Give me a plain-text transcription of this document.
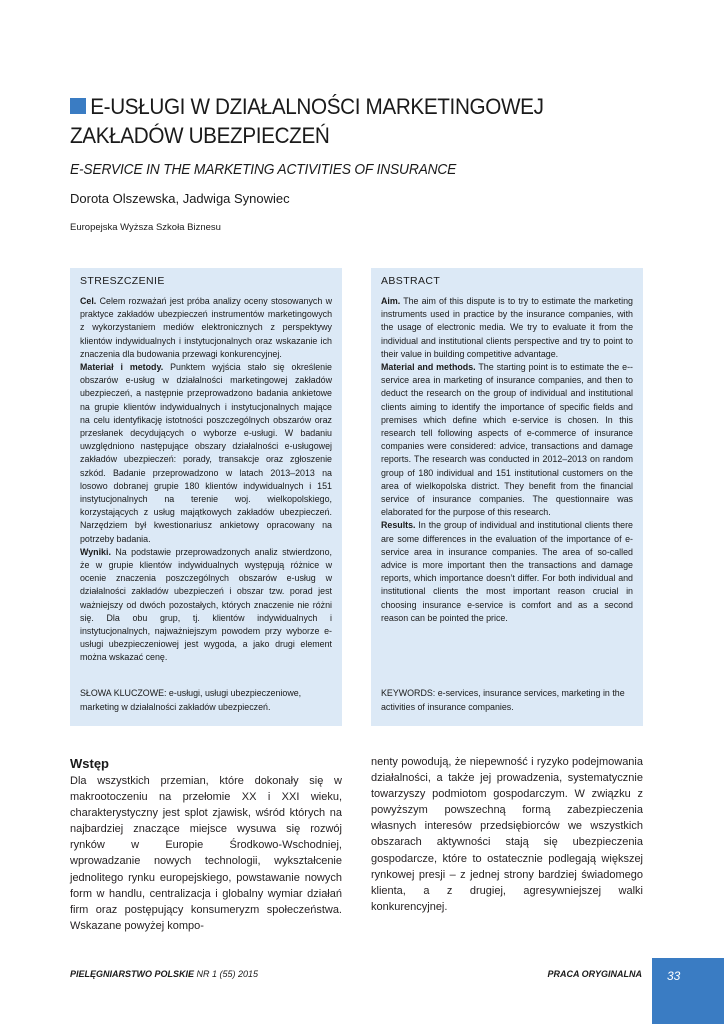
E-USŁUGI W DZIAŁALNOŚCI MARKETINGOWEJ
ZAKŁADÓW UBEZPIECZEŃ
E-SERVICE IN THE MARKETING ACTIVITIES OF INSURANCE
Dorota Olszewska, Jadwiga Synowiec
Europejska Wyższa Szkoła Biznesu
STRESZCZENIE

Cel. Celem rozważań jest próba analizy oceny stosowanych w praktyce zakładów ubezpieczeń instrumentów marketingowych z wykorzystaniem mediów elektronicznych z perspektywy klientów indywidualnych i instytucjonalnych oraz wskazanie ich znaczenia dla budowania przewagi konkurencyjnej.

Materiał i metody. Punktem wyjścia stało się określenie obszarów e-usług w działalności marketingowej zakładów ubezpieczeń, a następnie przeprowadzono badania ankietowe na grupie klientów indywidualnych i instytucjonalnych mające na celu identyfikację istotności poszczególnych obszarów oraz przesłanek decydujących o wyborze e-usługi. W badaniu uwzględniono następujące obszary działalności e-usługowej zakładów ubezpieczeń: porady, transakcje oraz zgłoszenie szkód. Badanie przeprowadzono w latach 2013–2013 na losowo dobranej grupie 180 klientów indywidualnych i 151 instytucjonalnych na terenie woj. wielkopolskiego, korzystających z usług majątkowych zakładów ubezpieczeń. Narzędziem był kwestionariusz ankietowy opracowany na potrzeby badania.

Wyniki. Na podstawie przeprowadzonych analiz stwierdzono, że w grupie klientów indywidualnych występują różnice w ocenie znaczenia poszczególnych obszarów e-usług w działalności zakładów ubezpieczeń i obszar tzw. porad jest ważniejszy od dwóch pozostałych, których znaczenie nie różni się. Dla obu grup, tj. klientów indywidualnych i instytucjonalnych, najważniejszym powodem przy wyborze e-usługi ubezpieczeniowej jest wygoda, a jako drugi element można wskazać cenę.

SŁOWA KLUCZOWE: e-usługi, usługi ubezpieczeniowe, marketing w działalności zakładów ubezpieczeń.
ABSTRACT

Aim. The aim of this dispute is to try to estimate the marketing instruments used in practice by the insurance companies, with the usage of electronic media. We try to evaluate it from the individual and institutional clients perspective and try to point to their value in building competitive advantage.

Material and methods. The starting point is to estimate the e--service area in marketing of insurance companies, and then to deduct the research on the group of individual and institutional clients aiming to identify the importance of specific fields and premises which define which e-service is chosen. In this research tell following aspects of e-commerce of insurance companies were considered: advice, transactions and damage reports. The research was conducted in 2012–2013 on random group of 180 individual and 151 institutional customers on the area of wielkopolska district. They benefit from the financial service of insurance companies. The questionnaire was elaborated for the purpose of this research.

Results. In the group of individual and institutional clients there are some differences in the evaluation of the importance of e-service area in insurance companies. The area of so-called advice is more important then the transactions and damage reports, which importance doesn’t differ. For both individual and institutional clients the most important reason crucial in choosing insurance e-service is comfort and as a second reason can be pointed the price.

KEYWORDS: e-services, insurance services, marketing in the activities of insurance companies.
Wstęp

Dla wszystkich przemian, które dokonały się w makrootoczeniu na przełomie XX i XXI wieku, charakterystyczny jest splot zjawisk, wśród których na najbardziej znaczące miejsce wysuwa się rozwój rynków w Europie Środkowo-Wschodniej, wprowadzanie nowych technologii, wykształcenie jednolitego rynku europejskiego, powstawanie nowych form w handlu, centralizacja i globalny wymiar działań firm oraz postępujący konsumeryzm społeczeństwa. Wskazane powyżej kompo-

nenty powodują, że niepewność i ryzyko podejmowania działalności, a także jej prowadzenia, systematycznie towarzyszy podmiotom gospodarczym. W związku z powyższym powszechną formą zabezpieczenia własnych interesów przedsiębiorców we wszystkich obszarach aktywności stają się ubezpieczenia gospodarcze, które to ostatecznie podlegają większej rynkowej presji – z jednej strony bardziej świadomego klienta, a z drugiej, agresywniejszej walki konkurencyjnej.

PIELĘGNIARSTWO POLSKIE NR 1 (55) 2015	PRACA ORYGINALNA 33
